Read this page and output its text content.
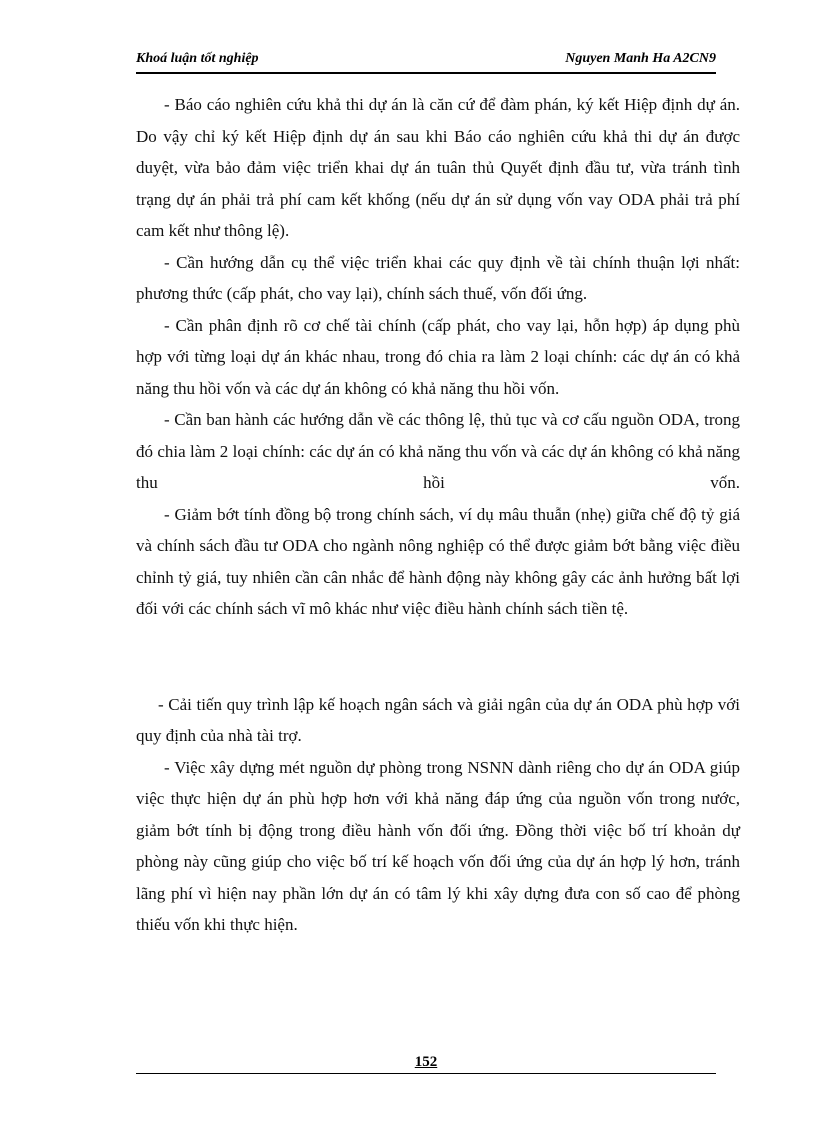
Khoá luận tốt nghiệp	Nguyen Manh Ha A2CN9

- Báo cáo nghiên cứu khả thi dự án là căn cứ để đàm phán, ký kết Hiệp định dự án. Do vậy chỉ ký kết Hiệp định dự án sau khi Báo cáo nghiên cứu khả thi dự án được duyệt, vừa bảo đảm việc triển khai dự án tuân thủ Quyết định đầu tư, vừa tránh tình trạng dự án phải trả phí cam kết khống (nếu dự án sử dụng vốn vay ODA phải trả phí cam kết như thông lệ).

- Cần hướng dẫn cụ thể việc triển khai các quy định về tài chính thuận lợi nhất: phương thức (cấp phát, cho vay lại), chính sách thuế, vốn đối ứng.

- Cần phân định rõ cơ chế tài chính (cấp phát, cho vay lại, hỗn hợp) áp dụng phù hợp với từng loại dự án khác nhau, trong đó chia ra làm 2 loại chính: các dự án có khả năng thu hồi vốn và các dự án không có khả năng thu hồi vốn.

- Cần ban hành các hướng dẫn về các thông lệ, thủ tục và cơ cấu nguồn ODA, trong đó chia làm 2 loại chính: các dự án có khả năng thu vốn và các dự án không có khả năng thu hồi vốn.

- Giảm bớt tính đồng bộ trong chính sách, ví dụ mâu thuẫn (nhẹ) giữa chế độ tỷ giá và chính sách đầu tư ODA cho ngành nông nghiệp có thể được giảm bớt bằng việc điều chỉnh tỷ giá, tuy nhiên cần cân nhắc để hành động này không gây các ảnh hưởng bất lợi đối với các chính sách vĩ mô khác như việc điều hành chính sách tiền tệ.

- Cải tiến quy trình lập kế hoạch ngân sách và giải ngân của dự án ODA phù hợp với quy định của nhà tài trợ.

- Việc xây dựng mét nguồn dự phòng trong NSNN dành riêng cho dự án ODA giúp việc thực hiện dự án phù hợp hơn với khả năng đáp ứng của nguồn vốn trong nước, giảm bớt tính bị động trong điều hành vốn đối ứng. Đồng thời việc bố trí khoản dự phòng này cũng giúp cho việc bố trí kế hoạch vốn đối ứng của dự án hợp lý hơn, tránh lãng phí vì hiện nay phần lớn dự án có tâm lý khi xây dựng đưa con số cao để phòng thiếu vốn khi thực hiện.

152
